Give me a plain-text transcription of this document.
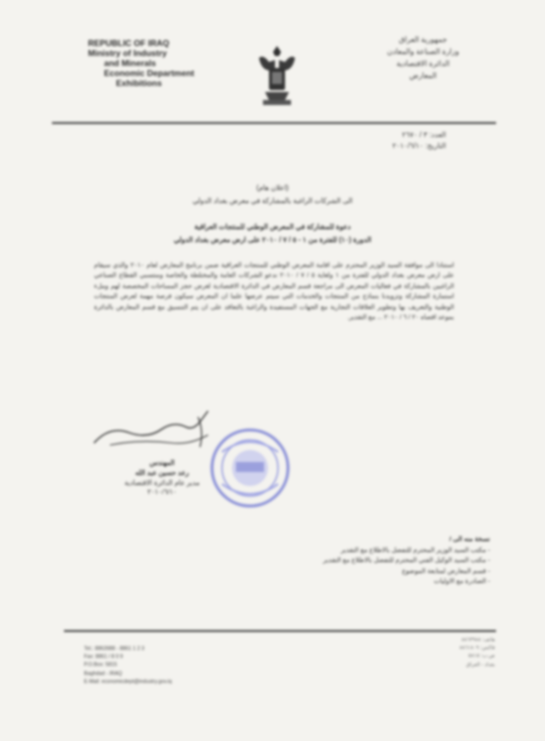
REPUBLIC OF IRAQ
Ministry of Industry
and Minerals
Economic Department
Exhibitions
جمهورية العراق
وزارة الصناعة والمعادن
الدائرة الاقتصادية
المعارض
العدد: ٣ / ٢٦٧٠
التاريخ: ٢٠١٠/٦/١٠
(اعلان هام)
الى الشركات الراغبة بالمشاركة في معرض بغداد الدولي
دعوة للمشاركة في المعرض الوطني للمنتجات العراقية
الدورة (١٠) للفترة من ١ - ٥ / ٧ / ٢٠١٠ على ارض معرض بغداد الدولي
استنادا الى موافقة السيد الوزير المحترم على اقامة المعرض الوطني للمنتجات العراقية ضمن برنامج المعارض لعام ٢٠١٠ والذي سيقام على ارض معرض بغداد الدولي للفترة من ١ ولغاية ٥ / ٧ / ٢٠١٠ ندعو الشركات العامة والمختلطة والخاصة ومنتسبي القطاع الصناعي الراغبين بالمشاركة في فعاليات المعرض الى مراجعة قسم المعارض في الدائرة الاقتصادية لغرض حجز المساحات المخصصة لهم وملء استمارة المشاركة وتزويدنا بنماذج من المنتجات والخدمات التي سيتم عرضها علما ان المعرض سيكون فرصة مهمة لعرض المنتجات الوطنية والتعريف بها وتطوير العلاقات التجارية مع الجهات المستفيدة والراغبة بالتعاقد على ان يتم التنسيق مع قسم المعارض بالدائرة بموعد اقصاه ٢٠ / ٦ / ٢٠١٠ ... مع التقدير.
المهندس
رعد حسين عبد الله
مدير عام الدائرة الاقتصادية
٢٠١٠/٦/١٠
نسخة منه الى /
- مكتب السيد الوزير المحترم للتفضل بالاطلاع مع التقدير
- مكتب السيد الوكيل الفني المحترم للتفضل بالاطلاع مع التقدير
- قسم المعارض لمتابعة الموضوع
- الصادرة مع الاوليات
Tel.: 8863988 - 8861 1 2 3
Fax: 8861 / 8 0 9
P.O.Box: 5815
Baghdad - IRAQ
E-Mail: economicdept@industry.gov.iq
هاتف: ٨٨٦٣٩٨٨
فاكس: ٨٨٦١٨٠٩
ص.ب: ٥٨١٥
بغداد - العراق
